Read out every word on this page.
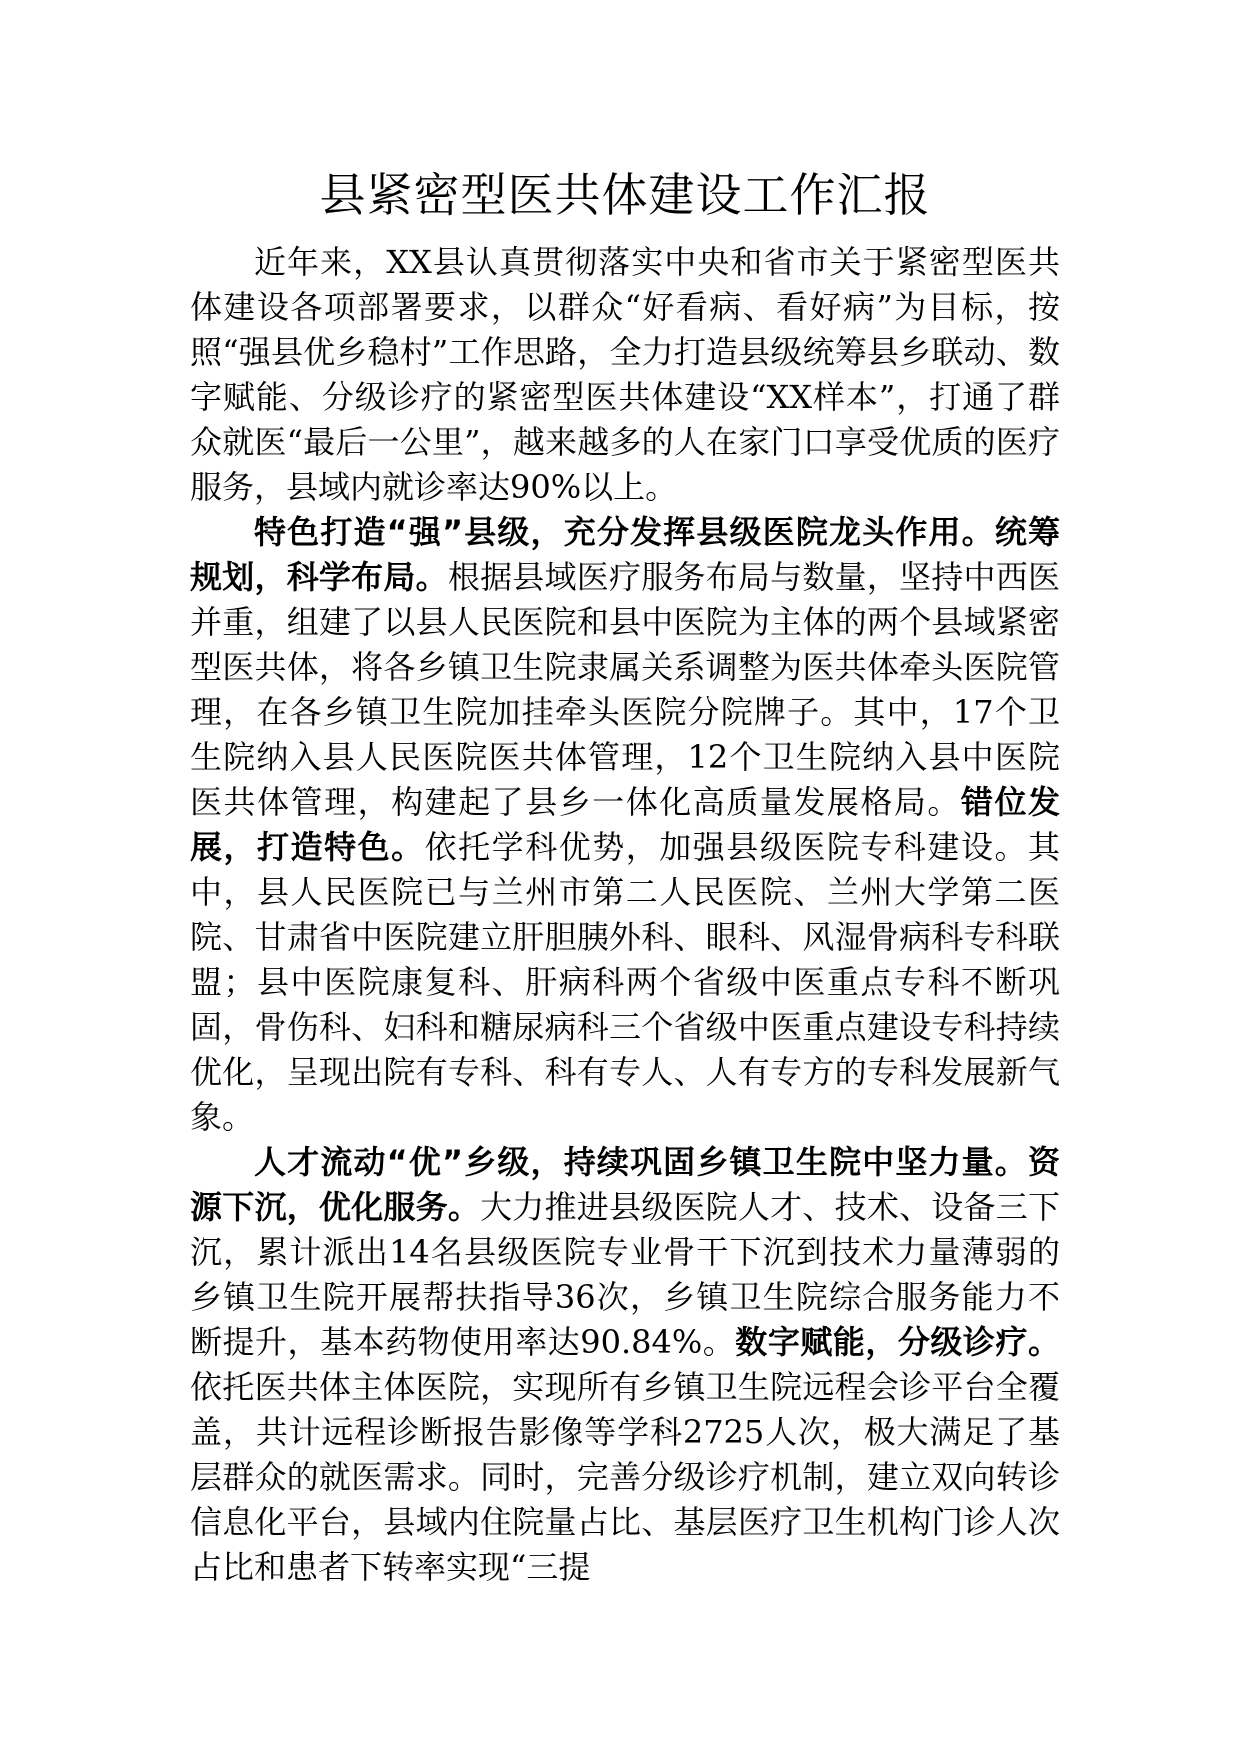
县紧密型医共体建设工作汇报

近年来，XX县认真贯彻落实中央和省市关于紧密型医共体建设各项部署要求，以群众“好看病、看好病”为目标，按照“强县优乡稳村”工作思路，全力打造县级统筹县乡联动、数字赋能、分级诊疗的紧密型医共体建设“XX样本”，打通了群众就医“最后一公里”，越来越多的人在家门口享受优质的医疗服务，县域内就诊率达90%以上。

特色打造“强”县级，充分发挥县级医院龙头作用。统筹规划，科学布局。根据县域医疗服务布局与数量，坚持中西医并重，组建了以县人民医院和县中医院为主体的两个县域紧密型医共体，将各乡镇卫生院隶属关系调整为医共体牵头医院管理，在各乡镇卫生院加挂牵头医院分院牌子。其中，17个卫生院纳入县人民医院医共体管理，12个卫生院纳入县中医院医共体管理，构建起了县乡一体化高质量发展格局。错位发展，打造特色。依托学科优势，加强县级医院专科建设。其中，县人民医院已与兰州市第二人民医院、兰州大学第二医院、甘肃省中医院建立肝胆胰外科、眼科、风湿骨病科专科联盟；县中医院康复科、肝病科两个省级中医重点专科不断巩固，骨伤科、妇科和糖尿病科三个省级中医重点建设专科持续优化，呈现出院有专科、科有专人、人有专方的专科发展新气象。

人才流动“优”乡级，持续巩固乡镇卫生院中坚力量。资源下沉，优化服务。大力推进县级医院人才、技术、设备三下沉，累计派出14名县级医院专业骨干下沉到技术力量薄弱的乡镇卫生院开展帮扶指导36次，乡镇卫生院综合服务能力不断提升，基本药物使用率达90.84%。数字赋能，分级诊疗。依托医共体主体医院，实现所有乡镇卫生院远程会诊平台全覆盖，共计远程诊断报告影像等学科2725人次，极大满足了基层群众的就医需求。同时，完善分级诊疗机制，建立双向转诊信息化平台，县域内住院量占比、基层医疗卫生机构门诊人次占比和患者下转率实现“三提
